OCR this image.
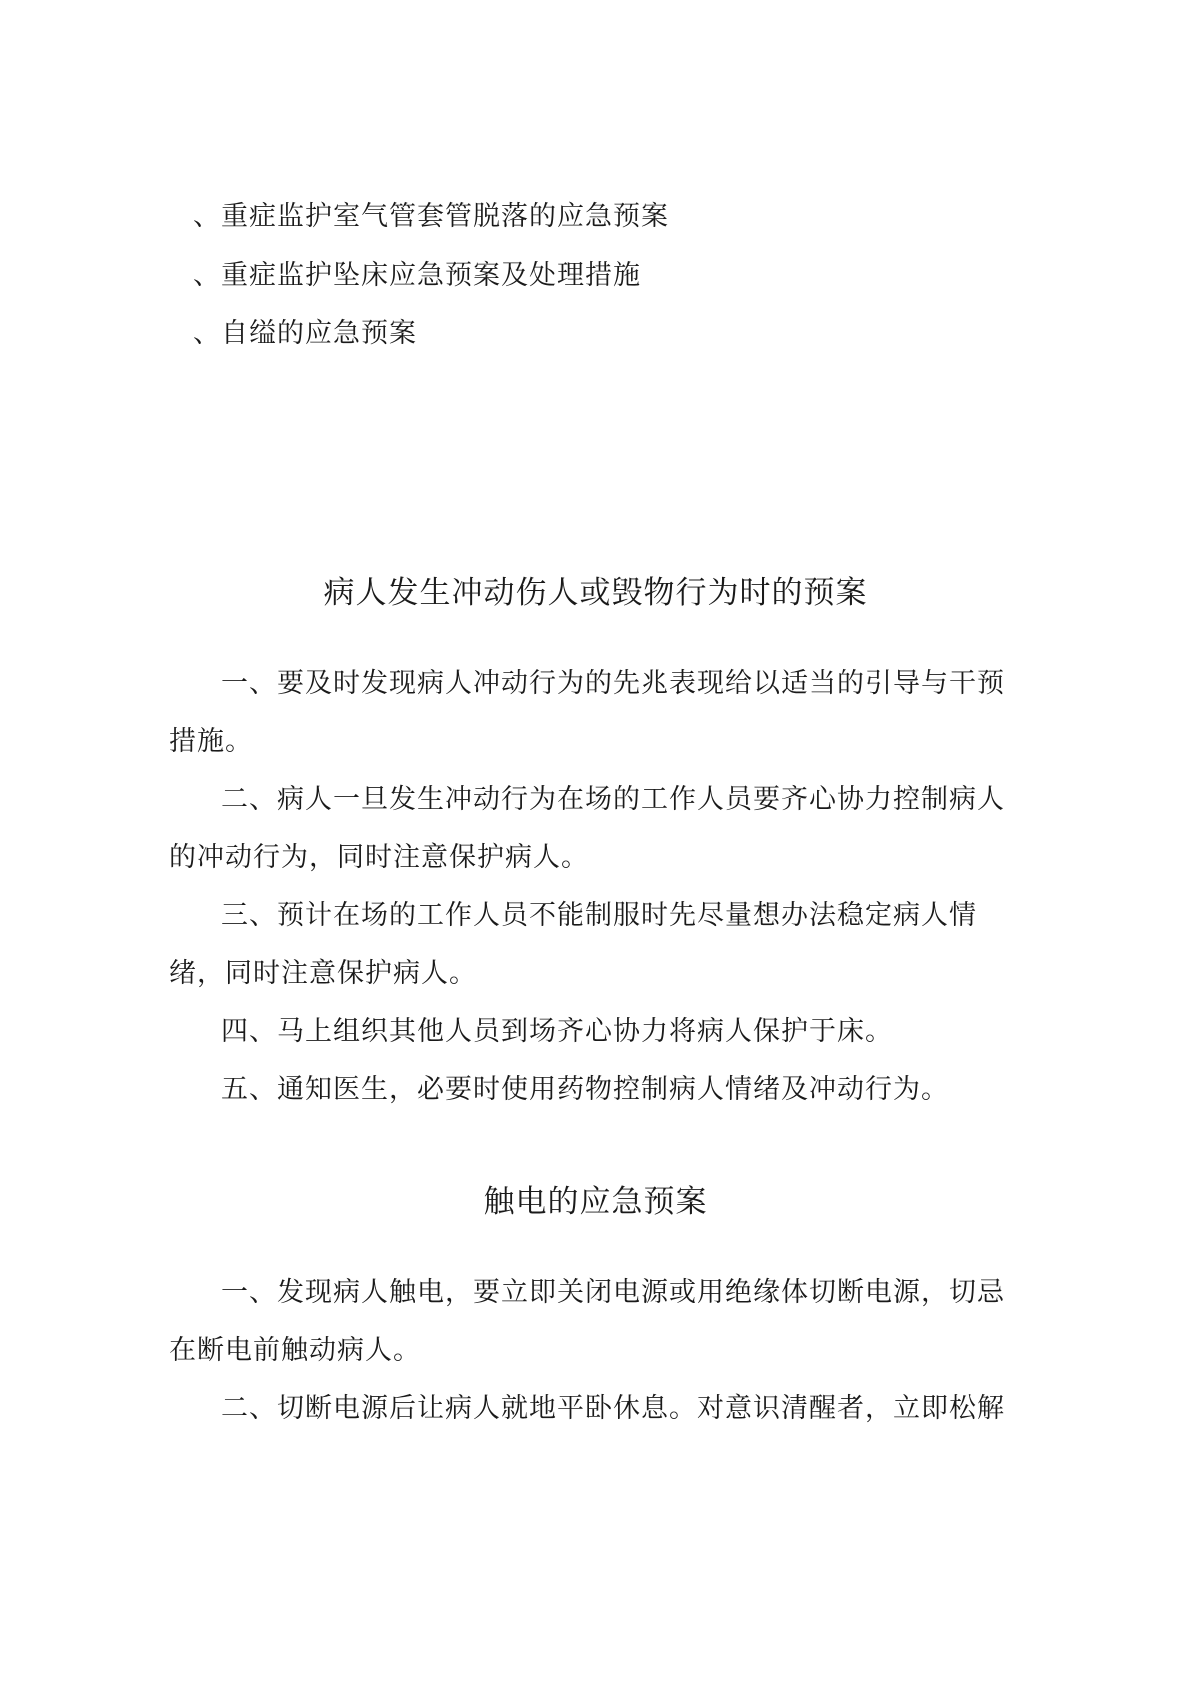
、重症监护室气管套管脱落的应急预案

、重症监护坠床应急预案及处理措施

、自缢的应急预案

病人发生冲动伤人或毁物行为时的预案

一、要及时发现病人冲动行为的先兆表现给以适当的引导与干预

措施。

二、病人一旦发生冲动行为在场的工作人员要齐心协力控制病人

的冲动行为，同时注意保护病人。

三、预计在场的工作人员不能制服时先尽量想办法稳定病人情

绪，同时注意保护病人。

四、马上组织其他人员到场齐心协力将病人保护于床。

五、通知医生，必要时使用药物控制病人情绪及冲动行为。

触电的应急预案

一、发现病人触电，要立即关闭电源或用绝缘体切断电源，切忌

在断电前触动病人。

二、切断电源后让病人就地平卧休息。对意识清醒者，立即松解
